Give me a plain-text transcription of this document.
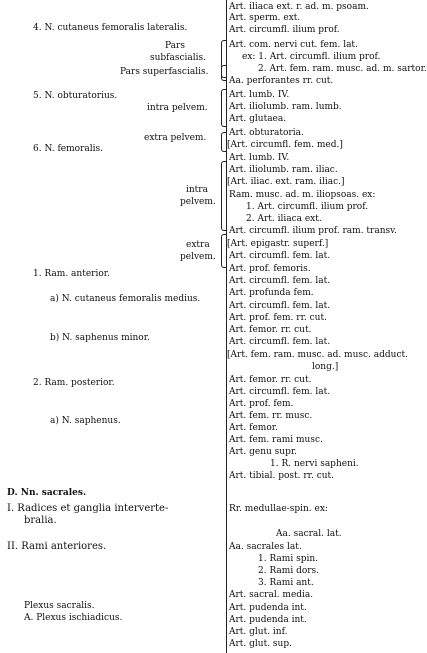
4. N. cutaneus femoralis lateralis.
Pars
subfascialis.
Pars superfascialis.
5. N. obturatorius.
intra pelvem.
extra pelvem.
6. N. femoralis.
intra
pelvem.
extra
pelvem.
1. Ram. anterior.
a) N. cutaneus femoralis medius.
b) N. saphenus minor.
2. Ram. posterior.
a) N. saphenus.
D. Nn. sacrales.
I. Radices et ganglia interverte-
bralia.
II. Rami anteriores.
Plexus sacralis.
A. Plexus ischiadicus.
Art. iliaca ext. r. ad. m. psoam.
Art. sperm. ext.
Art. circumfl. ilium prof.
Art. com. nervi cut. fem. lat.
ex: 1. Art. circumfl. ilium prof.
2. Art. fem. ram. musc. ad. m. sartor.
Aa. perforantes rr. cut.
Art. lumb. IV.
Art. iliolumb. ram. lumb.
Art. glutaea.
Art. obturatoria.
[Art. circumfl. fem. med.]
Art. lumb. IV.
Art. iliolumb. ram. iliac.
[Art. iliac. ext. ram. iliac.]
Ram. musc. ad. m. iliopsoas. ex:
1. Art. circumfl. ilium prof.
2. Art. iliaca ext.
Art. circumfl. ilium prof. ram. transv.
[Art. epigastr. superf.]
Art. circumfl. fem. lat.
Art. prof. femoris.
Art. circumfl. fem. lat.
Art. profunda fem.
Art. circumfl. fem. lat.
Art. prof. fem. rr. cut.
Art. femor. rr. cut.
Art. circumfl. fem. lat.
[Art. fem. ram. musc. ad. musc. adduct.
long.]
Art. femor. rr. cut.
Art. circumfl. fem. lat.
Art. prof. fem.
Art. fem. rr. musc.
Art. femor.
Art. fem. rami musc.
Art. genu supr.
1. R. nervi sapheni.
Art. tibial. post. rr. cut.
Rr. medullae-spin. ex:
Aa. sacral. lat.
Aa. sacrales lat.
1. Rami spin.
2. Rami dors.
3. Rami ant.
Art. sacral. media.
Art. pudenda int.
Art. pudenda int.
Art. glut. inf.
Art. glut. sup.
